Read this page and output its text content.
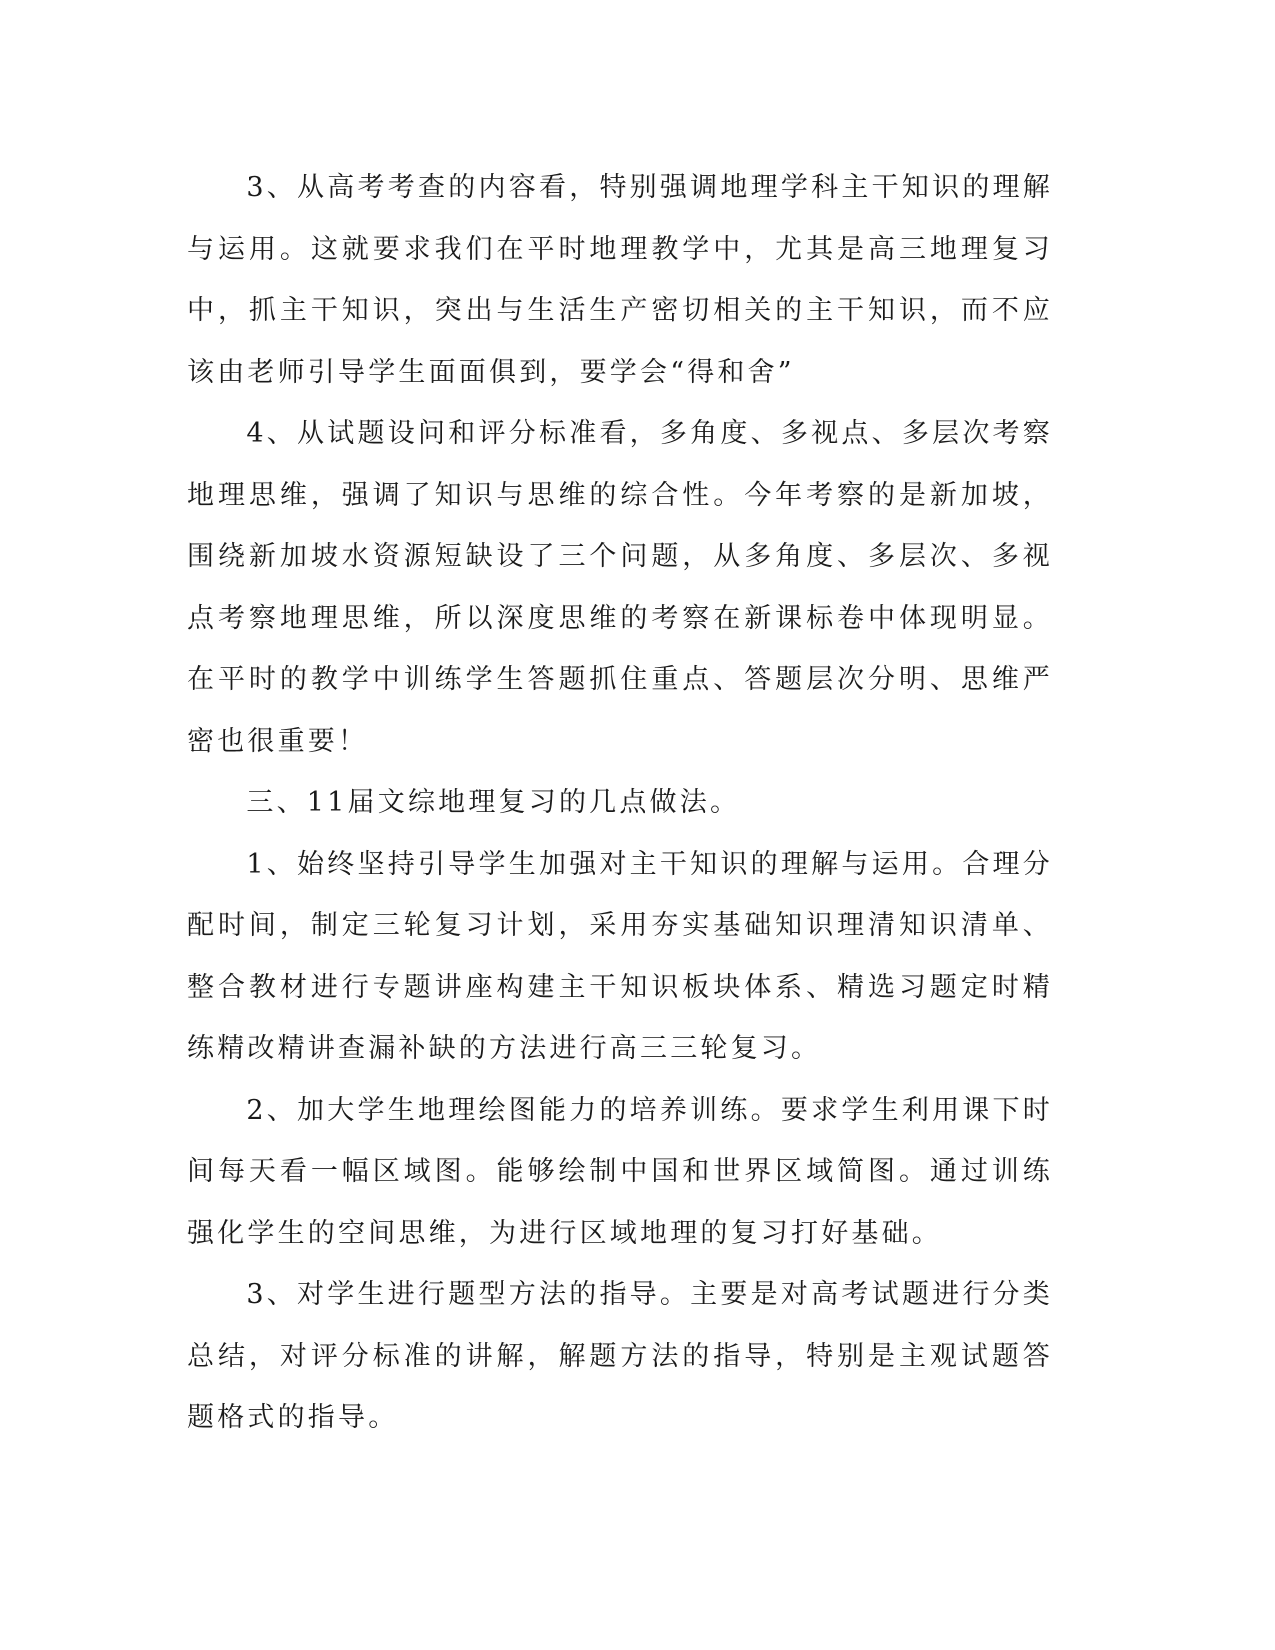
3、从高考考查的内容看，特别强调地理学科主干知识的理解与运用。这就要求我们在平时地理教学中，尤其是高三地理复习中，抓主干知识，突出与生活生产密切相关的主干知识，而不应该由老师引导学生面面俱到，要学会“得和舍”

4、从试题设问和评分标准看，多角度、多视点、多层次考察地理思维，强调了知识与思维的综合性。今年考察的是新加坡，围绕新加坡水资源短缺设了三个问题，从多角度、多层次、多视点考察地理思维，所以深度思维的考察在新课标卷中体现明显。在平时的教学中训练学生答题抓住重点、答题层次分明、思维严密也很重要！

三、11届文综地理复习的几点做法。

1、始终坚持引导学生加强对主干知识的理解与运用。合理分配时间，制定三轮复习计划，采用夯实基础知识理清知识清单、整合教材进行专题讲座构建主干知识板块体系、精选习题定时精练精改精讲查漏补缺的方法进行高三三轮复习。

2、加大学生地理绘图能力的培养训练。要求学生利用课下时间每天看一幅区域图。能够绘制中国和世界区域简图。通过训练强化学生的空间思维，为进行区域地理的复习打好基础。

3、对学生进行题型方法的指导。主要是对高考试题进行分类总结，对评分标准的讲解，解题方法的指导，特别是主观试题答题格式的指导。
